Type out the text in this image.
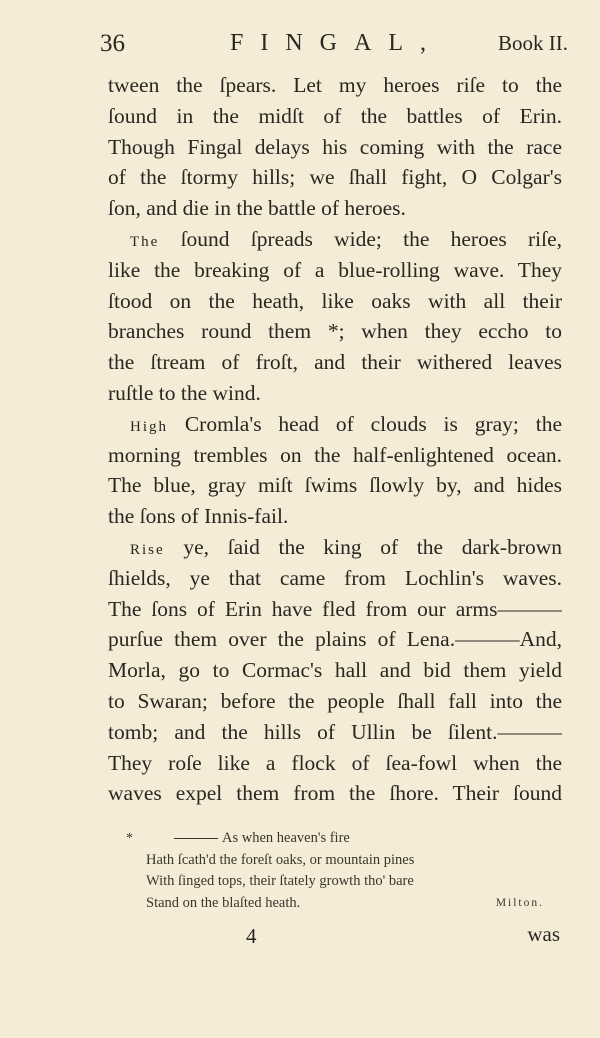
36	FINGAL,	Book II.
tween the ſpears. Let my heroes riſe to the
ſound in the midſt of the battles of Erin.
Though Fingal delays his coming with the race
of the ſtormy hills; we ſhall fight, O Colgar's
ſon, and die in the battle of heroes.
The ſound ſpreads wide; the heroes riſe,
like the breaking of a blue-rolling wave. They
ſtood on the heath, like oaks with all their
branches round them *; when they eccho to
the ſtream of froſt, and their withered leaves
ruſtle to the wind.
High Cromla's head of clouds is gray; the
morning trembles on the half-enlightened ocean.
The blue, gray miſt ſwims ſlowly by, and hides
the ſons of Innis-fail.
Rise ye, ſaid the king of the dark-brown
ſhields, ye that came from Lochlin's waves.
The ſons of Erin have fled from our arms———
purſue them over the plains of Lena.———And,
Morla, go to Cormac's hall and bid them yield
to Swaran; before the people ſhall fall into the
tomb; and the hills of Ullin be ſilent.———
They roſe like a flock of ſea-fowl when the
waves expel them from the ſhore. Their ſound
*	As when heaven's fire
Hath ſcath'd the foreſt oaks, or mountain pines
With ſinged tops, their ſtately growth tho' bare
Stand on the blaſted heath.	Milton.
4	was
